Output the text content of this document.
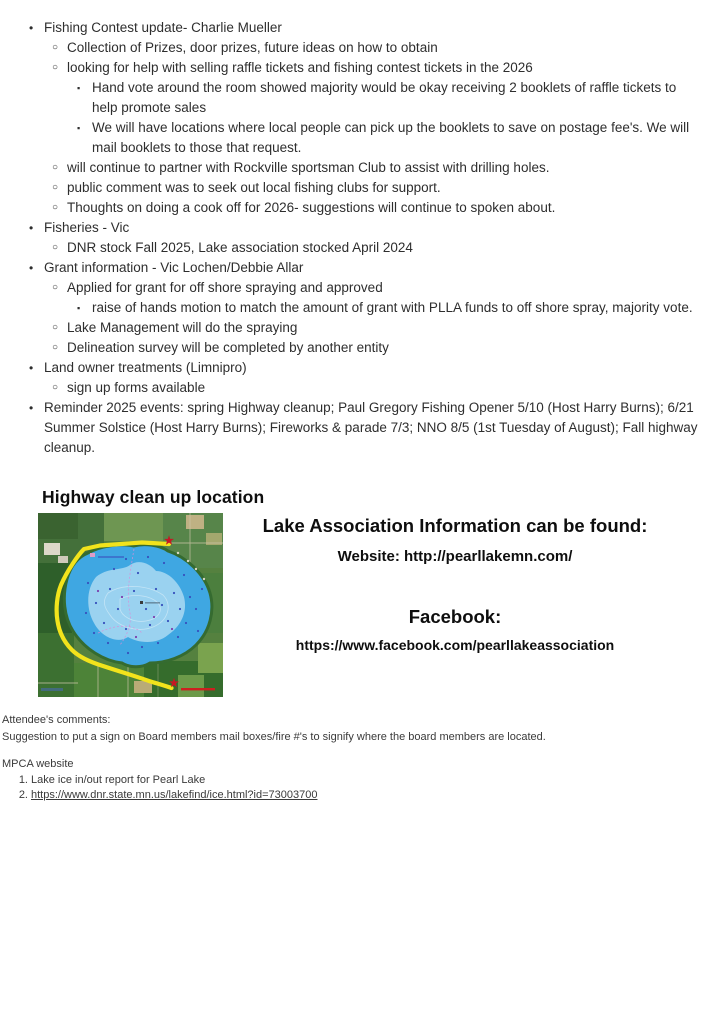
• Fishing Contest update- Charlie Mueller
○ Collection of Prizes, door prizes, future ideas on how to obtain
○ looking for help with selling raffle tickets and fishing contest tickets in the 2026
▪ Hand vote around the room showed majority would be okay receiving 2 booklets of raffle tickets to help promote sales
▪ We will have locations where local people can pick up the booklets to save on postage fee's. We will mail booklets to those that request.
○ will continue to partner with Rockville sportsman Club to assist with drilling holes.
○ public comment was to seek out local fishing clubs for support.
○ Thoughts on doing a cook off for 2026- suggestions will continue to spoken about.
• Fisheries - Vic
○ DNR stock Fall 2025, Lake association stocked April 2024
• Grant information - Vic Lochen/Debbie Allar
○ Applied for grant for off shore spraying and approved
▪ raise of hands motion to match the amount of grant with PLLA funds to off shore spray, majority vote.
○ Lake Management will do the spraying
○ Delineation survey will be completed by another entity
• Land owner treatments (Limnipro)
○ sign up forms available
• Reminder 2025 events: spring Highway cleanup; Paul Gregory Fishing Opener 5/10 (Host Harry Burns); 6/21 Summer Solstice (Host Harry Burns); Fireworks & parade 7/3; NNO 8/5 (1st Tuesday of August); Fall highway cleanup.
Highway clean up location
Lake Association Information can be found:
Website: http://pearllakemn.com/
Facebook:
https://www.facebook.com/pearllakeassociation
Attendee's comments:
Suggestion to put a sign on Board members mail boxes/fire #'s to signify where the board members are located.
MPCA website
1. Lake ice in/out report for Pearl Lake
2. https://www.dnr.state.mn.us/lakefind/ice.html?id=73003700
